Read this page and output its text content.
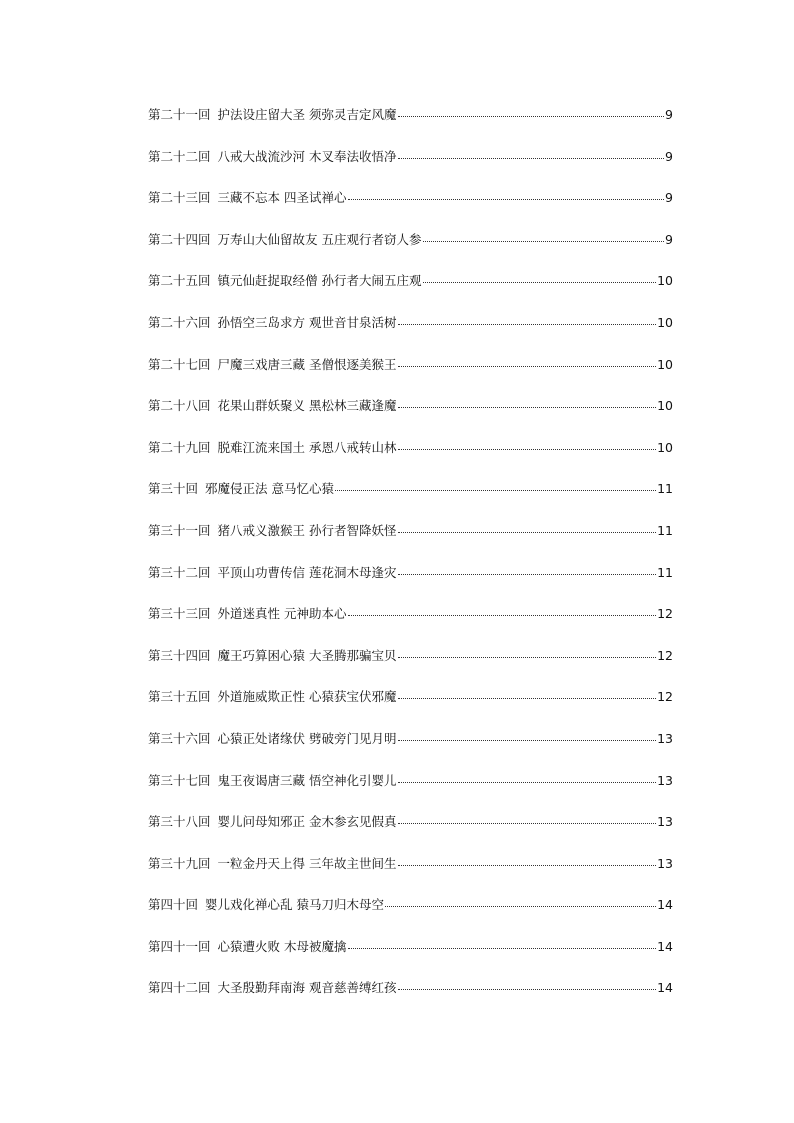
第二十一回 护法设庄留大圣 须弥灵吉定风魔	9
第二十二回 八戒大战流沙河 木叉奉法收悟净	9
第二十三回 三藏不忘本 四圣试禅心	9
第二十四回 万寿山大仙留故友 五庄观行者窃人参	9
第二十五回 镇元仙赶捉取经僧 孙行者大闹五庄观	10
第二十六回 孙悟空三岛求方 观世音甘泉活树	10
第二十七回 尸魔三戏唐三藏 圣僧恨逐美猴王	10
第二十八回 花果山群妖聚义 黑松林三藏逢魔	10
第二十九回 脱难江流来国土 承恩八戒转山林	10
第三十回 邪魔侵正法 意马忆心猿	11
第三十一回 猪八戒义激猴王 孙行者智降妖怪	11
第三十二回 平顶山功曹传信 莲花洞木母逢灾	11
第三十三回 外道迷真性 元神助本心	12
第三十四回 魔王巧算困心猿 大圣腾那骗宝贝	12
第三十五回 外道施威欺正性 心猿获宝伏邪魔	12
第三十六回 心猿正处诸缘伏 劈破旁门见月明	13
第三十七回 鬼王夜谒唐三藏 悟空神化引婴儿	13
第三十八回 婴儿问母知邪正 金木参玄见假真	13
第三十九回 一粒金丹天上得 三年故主世间生	13
第四十回 婴儿戏化禅心乱 猿马刀归木母空	14
第四十一回 心猿遭火败 木母被魔擒	14
第四十二回 大圣殷勤拜南海 观音慈善缚红孩	14
